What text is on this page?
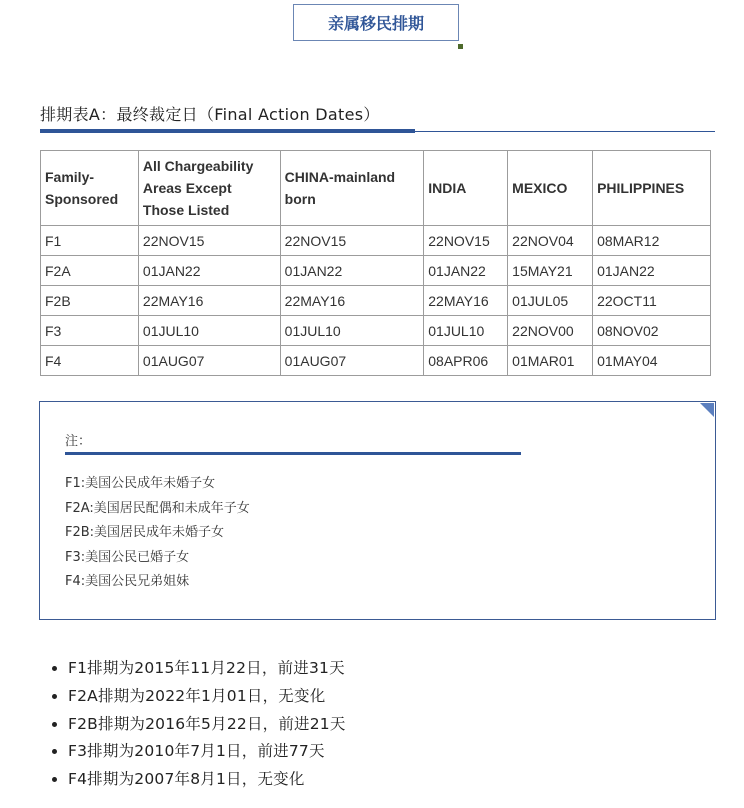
亲属移民排期
排期表A：最终裁定日（Final Action Dates）
Family-Sponsored	All Chargeability Areas Except Those Listed	CHINA-mainland born	INDIA	MEXICO	PHILIPPINES
F1	22NOV15	22NOV15	22NOV15	22NOV04	08MAR12
F2A	01JAN22	01JAN22	01JAN22	15MAY21	01JAN22
F2B	22MAY16	22MAY16	22MAY16	01JUL05	22OCT11
F3	01JUL10	01JUL10	01JUL10	22NOV00	08NOV02
F4	01AUG07	01AUG07	08APR06	01MAR01	01MAY04
注：
F1:美国公民成年未婚子女
F2A:美国居民配偶和未成年子女
F2B:美国居民成年未婚子女
F3:美国公民已婚子女
F4:美国公民兄弟姐妹
• F1排期为2015年11月22日，前进31天
• F2A排期为2022年1月01日，无变化
• F2B排期为2016年5月22日，前进21天
• F3排期为2010年7月1日，前进77天
• F4排期为2007年8月1日，无变化
